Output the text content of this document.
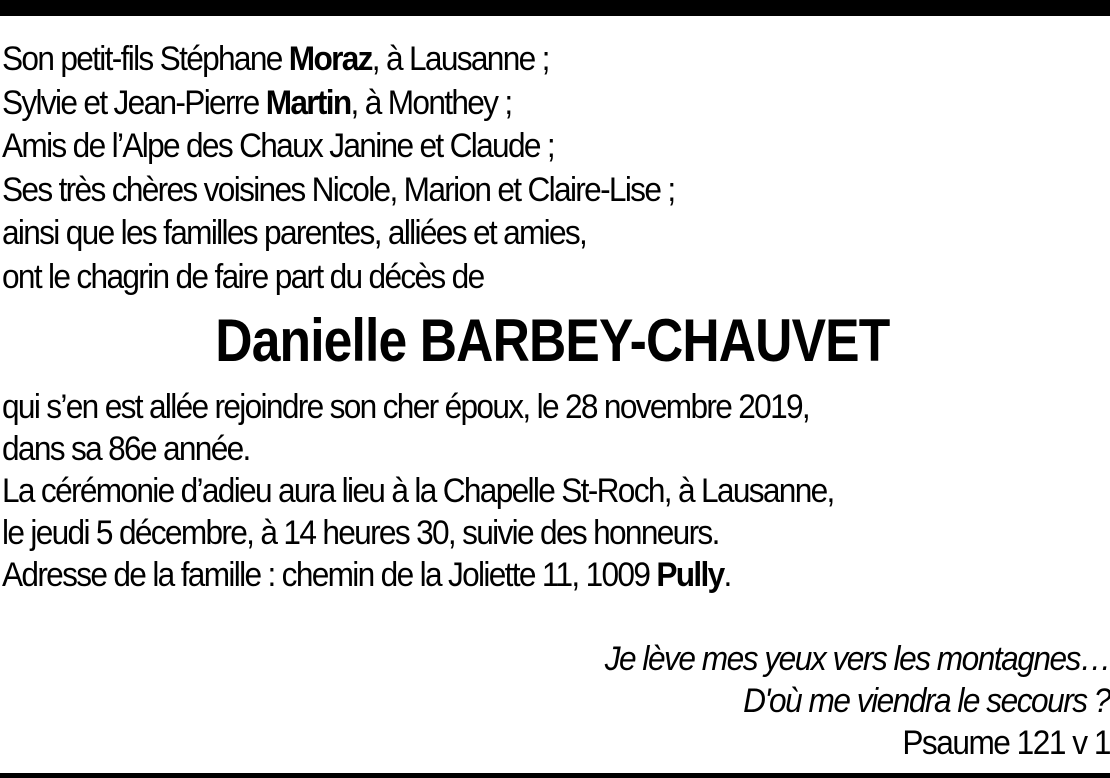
Son petit-fils Stéphane Moraz, à Lausanne ;
Sylvie et Jean-Pierre Martin, à Monthey ;
Amis de l’Alpe des Chaux Janine et Claude ;
Ses très chères voisines Nicole, Marion et Claire-Lise ;
ainsi que les familles parentes, alliées et amies,
ont le chagrin de faire part du décès de
Danielle BARBEY-CHAUVET
qui s’en est allée rejoindre son cher époux, le 28 novembre 2019,
dans sa 86e année.
La cérémonie d’adieu aura lieu à la Chapelle St-Roch, à Lausanne,
le jeudi 5 décembre, à 14 heures 30, suivie des honneurs.
Adresse de la famille : chemin de la Joliette 11, 1009 Pully.
Je lève mes yeux vers les montagnes…
D'où me viendra le secours ?
Psaume 121 v 1
